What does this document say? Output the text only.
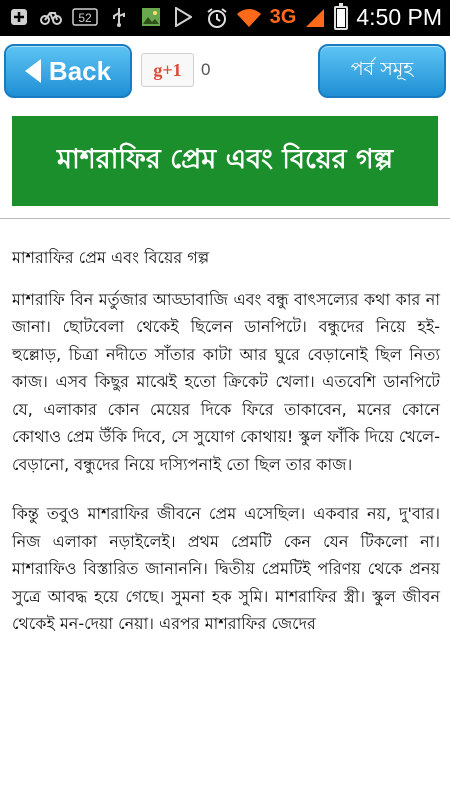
52	3G	4:50 PM
Back g+1 0	পর্ব সমূহ
মাশরাফির প্রেম এবং বিয়ের গল্প

মাশরাফির প্রেম এবং বিয়ের গল্প

মাশরাফি বিন মর্তুজার আড্ডাবাজি এবং বন্ধু বাৎসল্যের কথা কার না জানা। ছোটবেলা থেকেই ছিলেন ডানপিটে। বন্ধুদের নিয়ে হই-হুল্লোড়, চিত্রা নদীতে সাঁতার কাটা আর ঘুরে বেড়ানোই ছিল নিত্য কাজ। এসব কিছুর মাঝেই হতো ক্রিকেট খেলা। এতবেশি ডানপিটে যে, এলাকার কোন মেয়ের দিকে ফিরে তাকাবেন, মনের কোনে কোথাও প্রেম উঁকি দিবে, সে সুযোগ কোথায়! স্কুল ফাঁকি দিয়ে খেলে-বেড়ানো, বন্ধুদের নিয়ে দস্যিপনাই তো ছিল তার কাজ।

কিন্তু তবুও মাশরাফির জীবনে প্রেম এসেছিল। একবার নয়, দু'বার। নিজ এলাকা নড়াইলেই। প্রথম প্রেমটি কেন যেন টিকলো না। মাশরাফিও বিস্তারিত জানাননি। দ্বিতীয় প্রেমটিই পরিণয় থেকে প্রনয় সুত্রে আবদ্ধ হয়ে গেছে। সুমনা হক সুমি। মাশরাফির স্ত্রী। স্কুল জীবন থেকেই মন-দেয়া নেয়া। এরপর মাশরাফির জেদের
